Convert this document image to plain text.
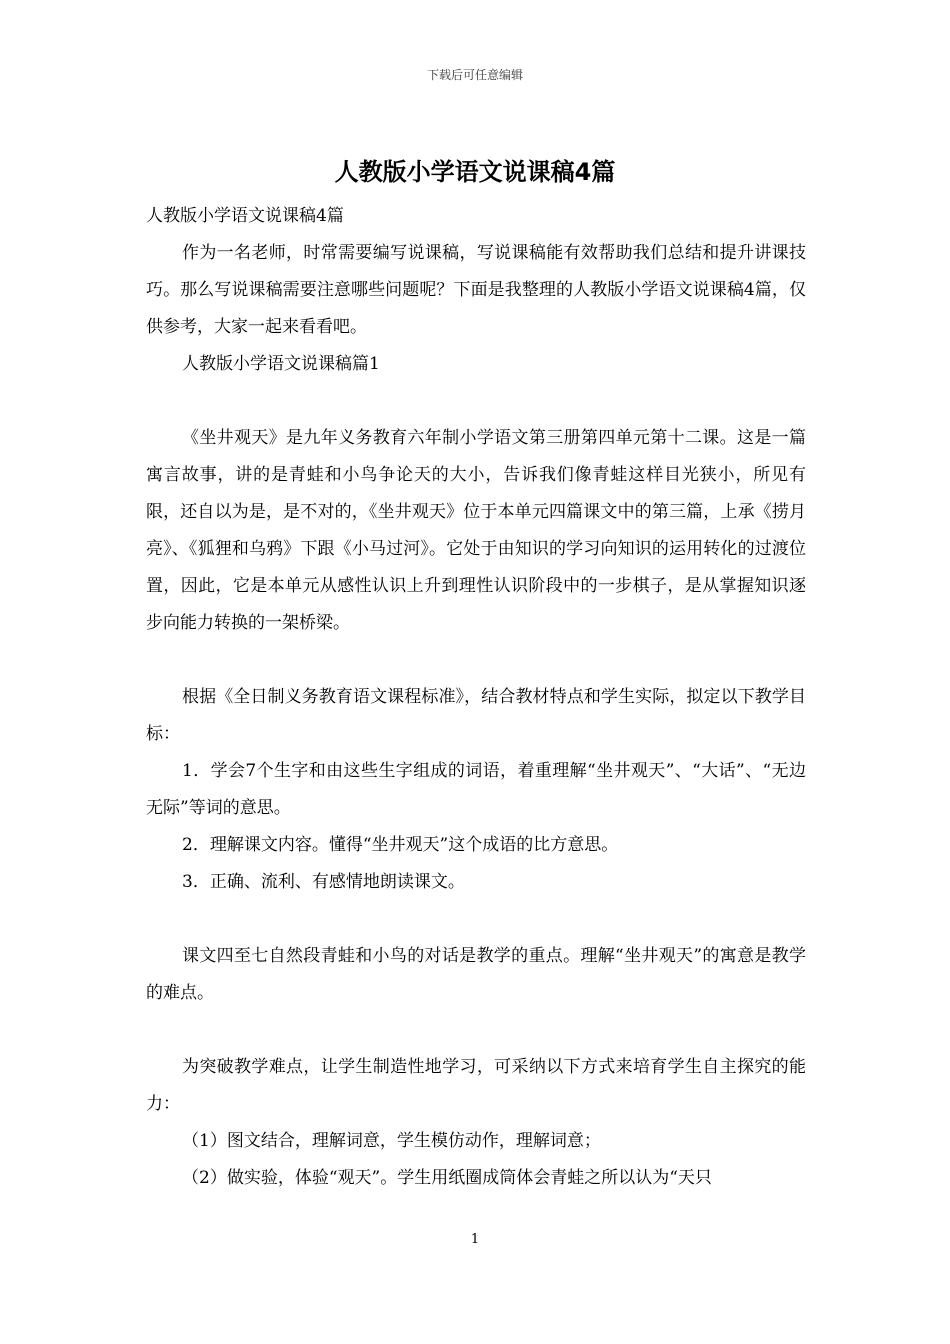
下载后可任意编辑
人教版小学语文说课稿4篇

人教版小学语文说课稿4篇

作为一名老师，时常需要编写说课稿，写说课稿能有效帮助我们总结和提升讲课技巧。那么写说课稿需要注意哪些问题呢？下面是我整理的人教版小学语文说课稿4篇，仅供参考，大家一起来看看吧。

人教版小学语文说课稿篇1

《坐井观天》是九年义务教育六年制小学语文第三册第四单元第十二课。这是一篇寓言故事，讲的是青蛙和小鸟争论天的大小，告诉我们像青蛙这样目光狭小，所见有限，还自以为是，是不对的，《坐井观天》位于本单元四篇课文中的第三篇，上承《捞月亮》、《狐狸和乌鸦》下跟《小马过河》。它处于由知识的学习向知识的运用转化的过渡位置，因此，它是本单元从感性认识上升到理性认识阶段中的一步棋子，是从掌握知识逐步向能力转换的一架桥梁。

根据《全日制义务教育语文课程标准》，结合教材特点和学生实际，拟定以下教学目标：

1．学会7个生字和由这些生字组成的词语，着重理解“坐井观天”、“大话”、“无边无际”等词的意思。

2．理解课文内容。懂得“坐井观天”这个成语的比方意思。

3．正确、流利、有感情地朗读课文。

课文四至七自然段青蛙和小鸟的对话是教学的重点。理解“坐井观天”的寓意是教学的难点。

为突破教学难点，让学生制造性地学习，可采纳以下方式来培育学生自主探究的能力：

（1）图文结合，理解词意，学生模仿动作，理解词意；

（2）做实验，体验“观天”。学生用纸圈成筒体会青蛙之所以认为“天只

1
